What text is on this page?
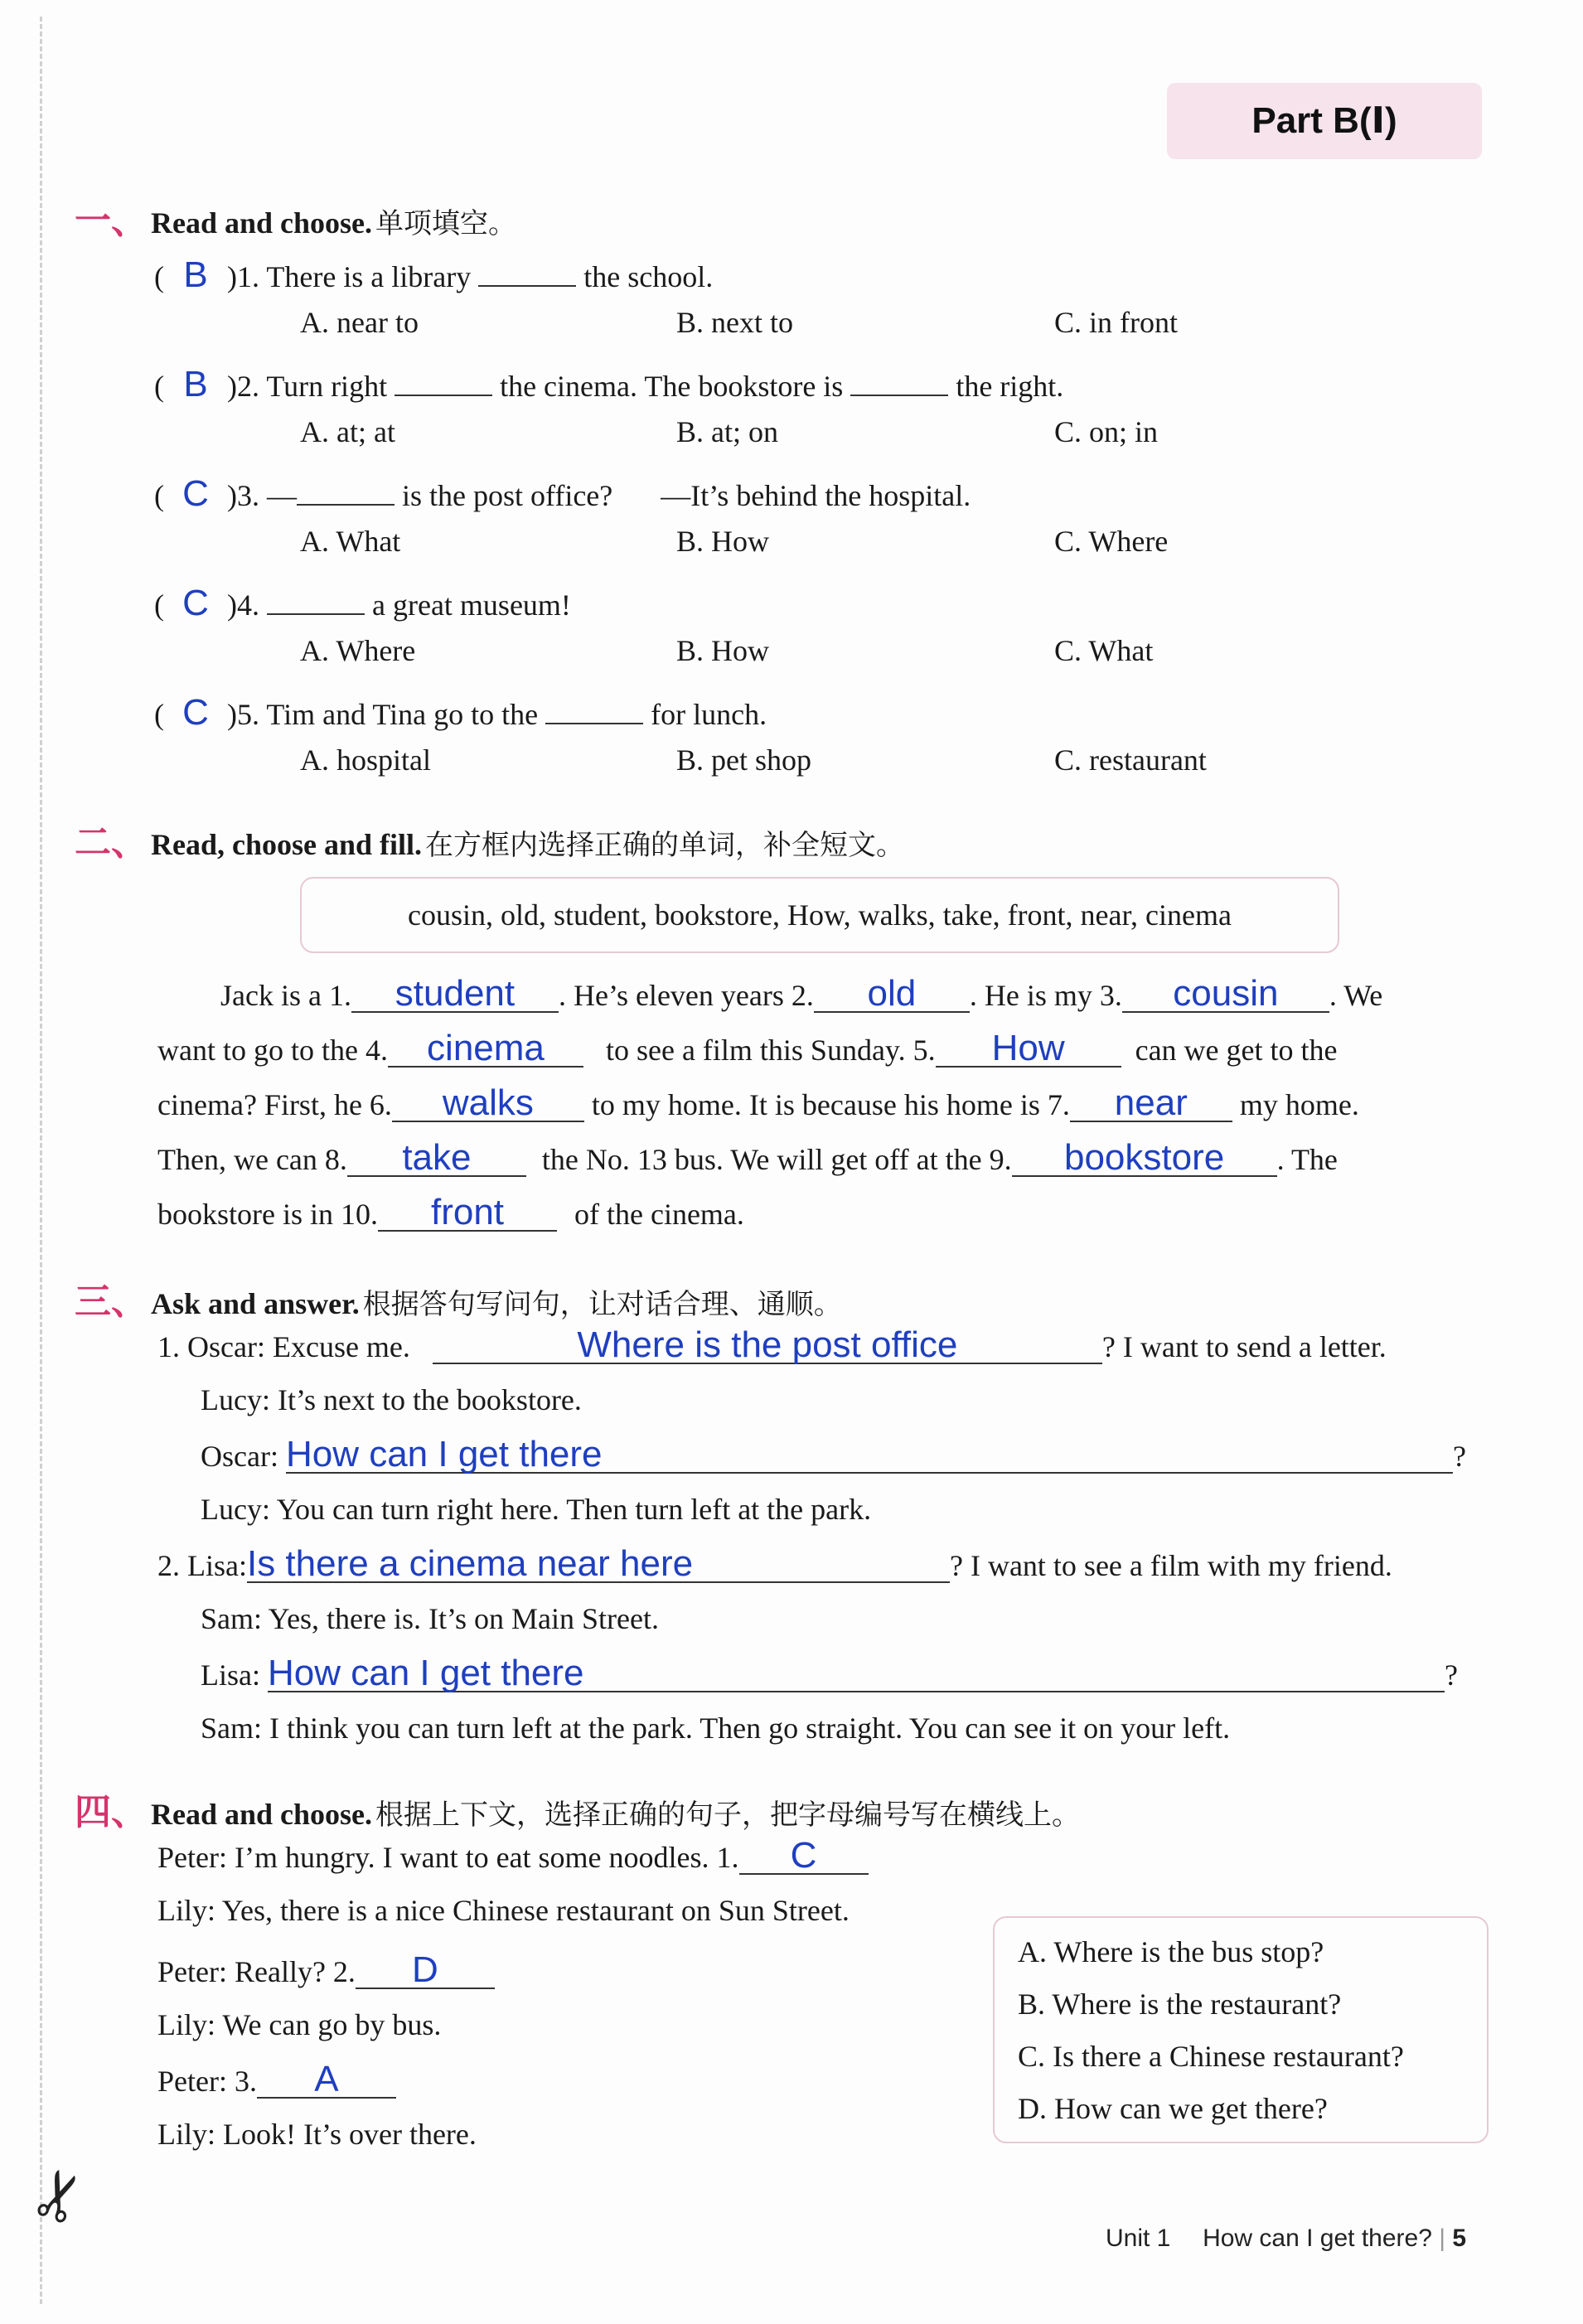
✂
Part B(Ⅰ)
一、 Read and choose. 单项填空。
( B )1. There is a library	the school.
A. near to	B. next to	C. in front
( B )2. Turn right	the cinema. The bookstore is	the right.
A. at; at	B. at; on	C. on; in
( C )3. —	is the post office? —It’s behind the hospital.
A. What	B. How	C. Where
( C )4.	a great museum!
A. Where	B. How	C. What
( C )5. Tim and Tina go to the	for lunch.
A. hospital	B. pet shop	C. restaurant
二、 Read, choose and fill. 在方框内选择正确的单词，补全短文。
cousin, old, student, bookstore, How, walks, take, front, near, cinema
Jack is a 1. student . He’s eleven years 2. old . He is my 3. cousin . We
want to go to the 4. cinema to see a film this Sunday. 5. How can we get to the
cinema? First, he 6. walks to my home. It is because his home is 7. near my home.
Then, we can 8. take the No. 13 bus. We will get off at the 9. bookstore . The
bookstore is in 10. front of the cinema.
三、 Ask and answer. 根据答句写问句，让对话合理、通顺。
1. Oscar: Excuse me.	Where is the post office	? I want to send a letter.
Lucy: It’s next to the bookstore.
Oscar: How can I get there	?
Lucy: You can turn right here. Then turn left at the park.
2. Lisa:Is there a cinema near here	? I want to see a film with my friend.
Sam: Yes, there is. It’s on Main Street.
Lisa: How can I get there	?
Sam: I think you can turn left at the park. Then go straight. You can see it on your left.
四、 Read and choose. 根据上下文，选择正确的句子，把字母编号写在横线上。
Peter: I’m hungry. I want to eat some noodles. 1. C
Lily: Yes, there is a nice Chinese restaurant on Sun Street.
Peter: Really? 2. D
Lily: We can go by bus.
Peter: 3. A
Lily: Look! It’s over there.
A. Where is the bus stop?
B. Where is the restaurant?
C. Is there a Chinese restaurant?
D. How can we get there?
Unit 1 How can I get there? | 5
